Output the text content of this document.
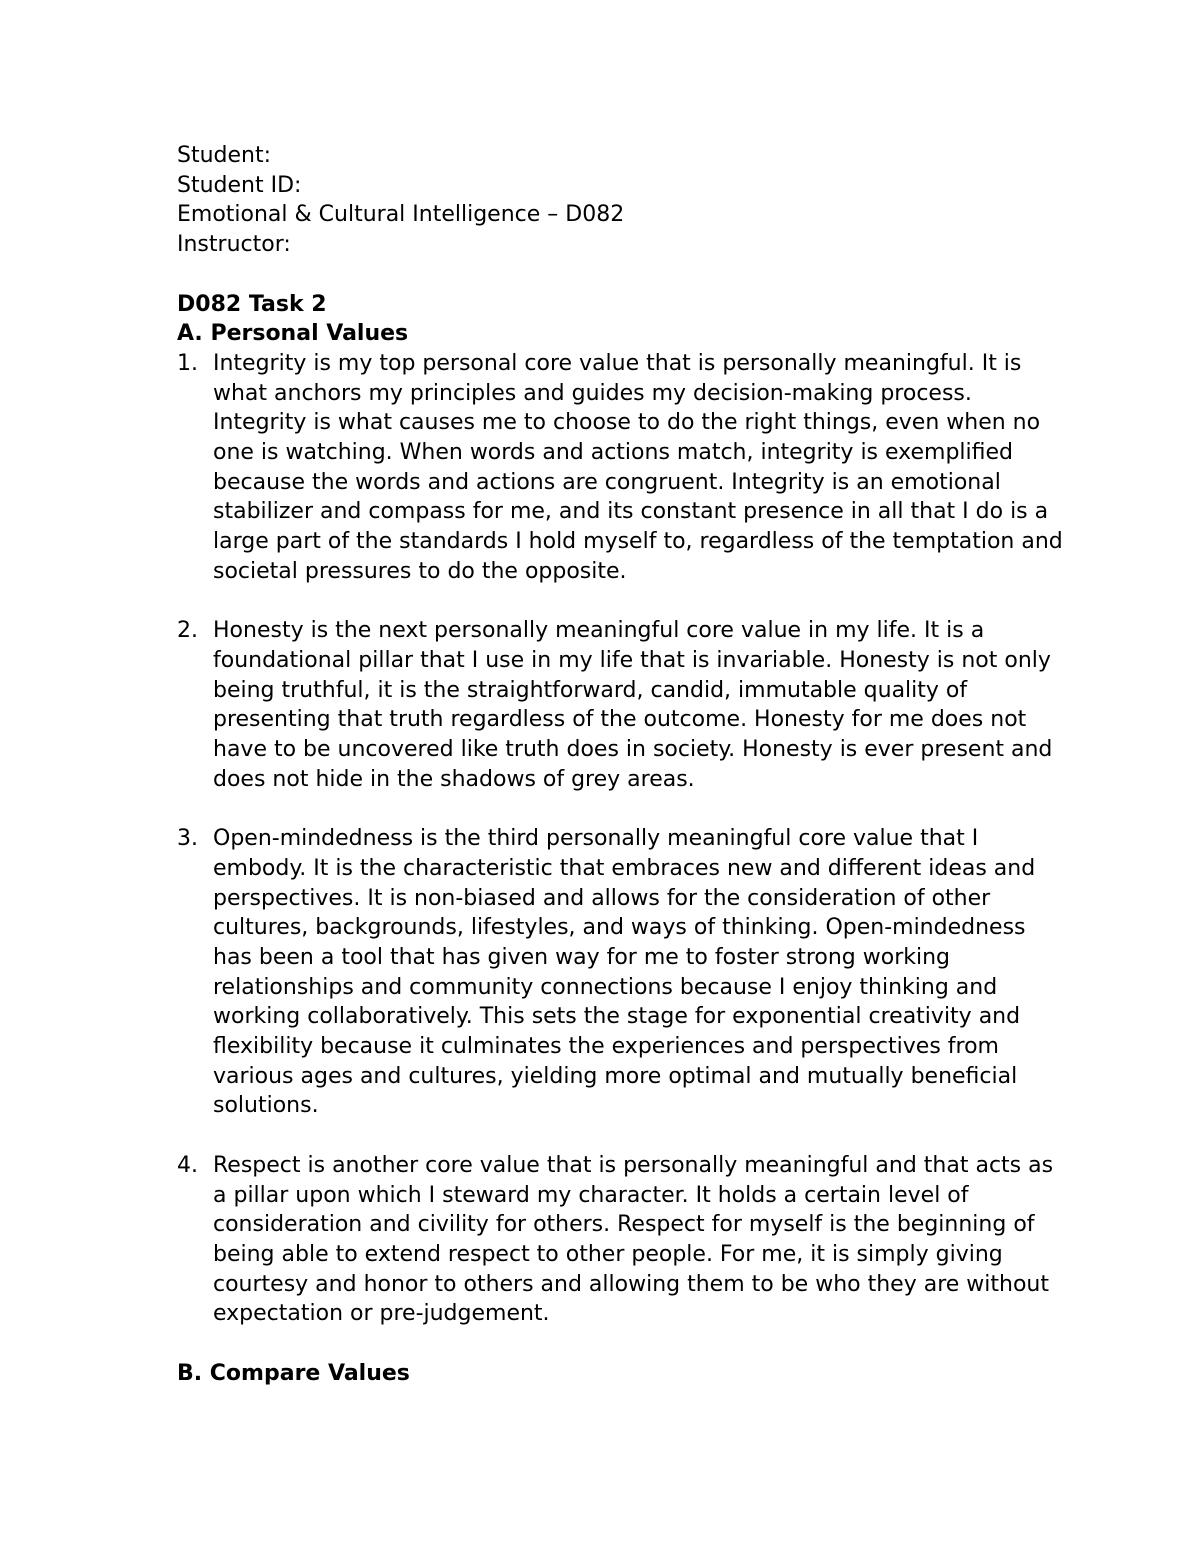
Student:

Student ID:

Emotional & Cultural Intelligence – D082

Instructor:

D082 Task 2

A. Personal Values

1. Integrity is my top personal core value that is personally meaningful. It is what anchors my principles and guides my decision-making process. Integrity is what causes me to choose to do the right things, even when no one is watching. When words and actions match, integrity is exemplified because the words and actions are congruent. Integrity is an emotional stabilizer and compass for me, and its constant presence in all that I do is a large part of the standards I hold myself to, regardless of the temptation and societal pressures to do the opposite.
2. Honesty is the next personally meaningful core value in my life. It is a foundational pillar that I use in my life that is invariable. Honesty is not only being truthful, it is the straightforward, candid, immutable quality of presenting that truth regardless of the outcome. Honesty for me does not have to be uncovered like truth does in society. Honesty is ever present and does not hide in the shadows of grey areas.
3. Open-mindedness is the third personally meaningful core value that I embody. It is the characteristic that embraces new and different ideas and perspectives. It is non-biased and allows for the consideration of other cultures, backgrounds, lifestyles, and ways of thinking. Open-mindedness has been a tool that has given way for me to foster strong working relationships and community connections because I enjoy thinking and working collaboratively. This sets the stage for exponential creativity and flexibility because it culminates the experiences and perspectives from various ages and cultures, yielding more optimal and mutually beneficial solutions.
4. Respect is another core value that is personally meaningful and that acts as a pillar upon which I steward my character. It holds a certain level of consideration and civility for others. Respect for myself is the beginning of being able to extend respect to other people. For me, it is simply giving courtesy and honor to others and allowing them to be who they are without expectation or pre-judgement.

B. Compare Values
